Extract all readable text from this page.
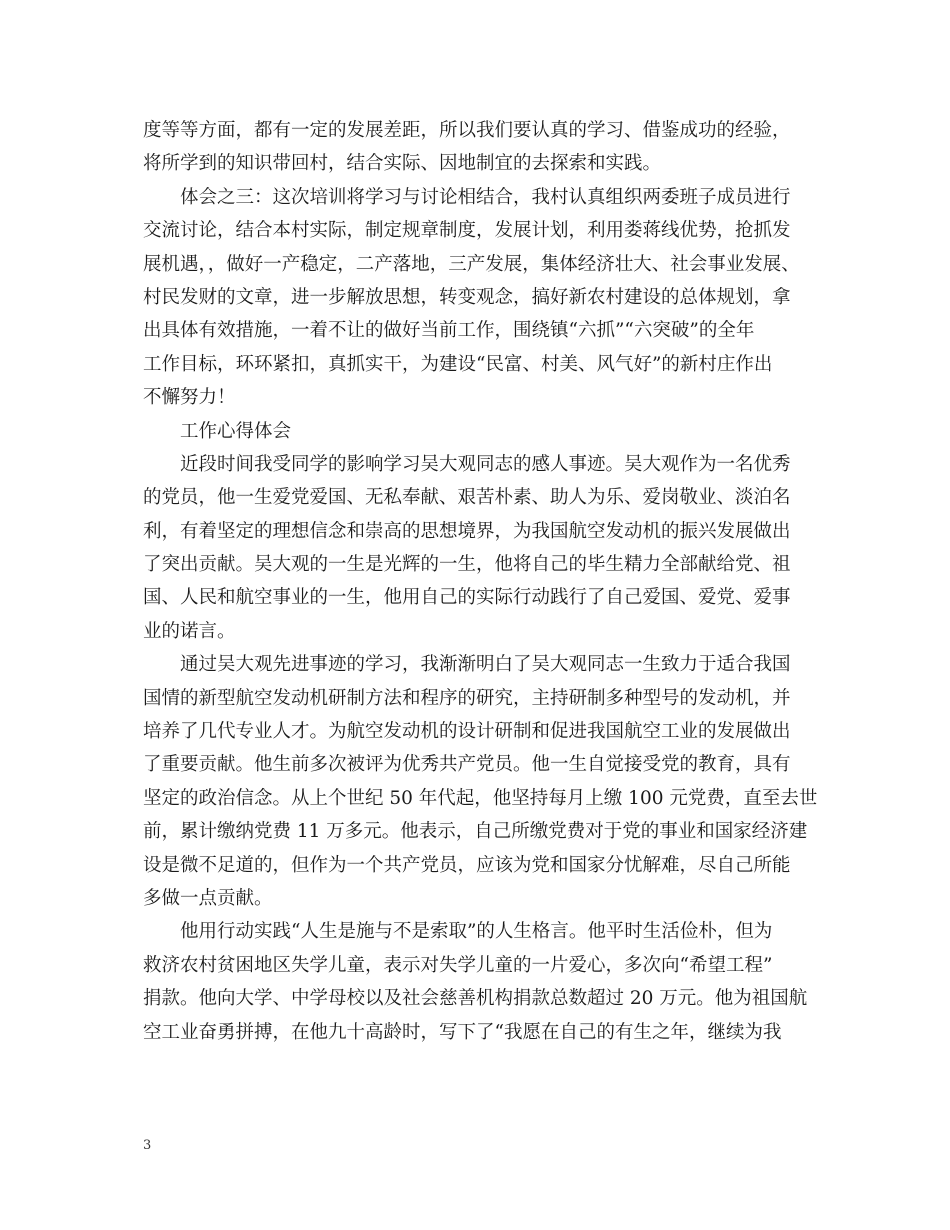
度等等方面，都有一定的发展差距，所以我们要认真的学习、借鉴成功的经验，
将所学到的知识带回村，结合实际、因地制宜的去探索和实践。

体会之三：这次培训将学习与讨论相结合，我村认真组织两委班子成员进行
交流讨论，结合本村实际，制定规章制度，发展计划，利用娄蒋线优势，抢抓发
展机遇，，做好一产稳定，二产落地，三产发展，集体经济壮大、社会事业发展、
村民发财的文章，进一步解放思想，转变观念，搞好新农村建设的总体规划，拿
出具体有效措施，一着不让的做好当前工作，围绕镇“六抓”“六突破”的全年
工作目标，环环紧扣，真抓实干，为建设“民富、村美、风气好”的新村庄作出
不懈努力！

工作心得体会

近段时间我受同学的影响学习吴大观同志的感人事迹。吴大观作为一名优秀
的党员，他一生爱党爱国、无私奉献、艰苦朴素、助人为乐、爱岗敬业、淡泊名
利，有着坚定的理想信念和崇高的思想境界，为我国航空发动机的振兴发展做出
了突出贡献。吴大观的一生是光辉的一生，他将自己的毕生精力全部献给党、祖
国、人民和航空事业的一生，他用自己的实际行动践行了自己爱国、爱党、爱事
业的诺言。

通过吴大观先进事迹的学习，我渐渐明白了吴大观同志一生致力于适合我国
国情的新型航空发动机研制方法和程序的研究，主持研制多种型号的发动机，并
培养了几代专业人才。为航空发动机的设计研制和促进我国航空工业的发展做出
了重要贡献。他生前多次被评为优秀共产党员。他一生自觉接受党的教育，具有
坚定的政治信念。从上个世纪 50 年代起，他坚持每月上缴 100 元党费，直至去世
前，累计缴纳党费 11 万多元。他表示，自己所缴党费对于党的事业和国家经济建
设是微不足道的，但作为一个共产党员，应该为党和国家分忧解难，尽自己所能
多做一点贡献。

他用行动实践“人生是施与不是索取”的人生格言。他平时生活俭朴，但为
救济农村贫困地区失学儿童，表示对失学儿童的一片爱心，多次向“希望工程”
捐款。他向大学、中学母校以及社会慈善机构捐款总数超过 20 万元。他为祖国航
空工业奋勇拼搏，在他九十高龄时，写下了“我愿在自己的有生之年，继续为我

3
